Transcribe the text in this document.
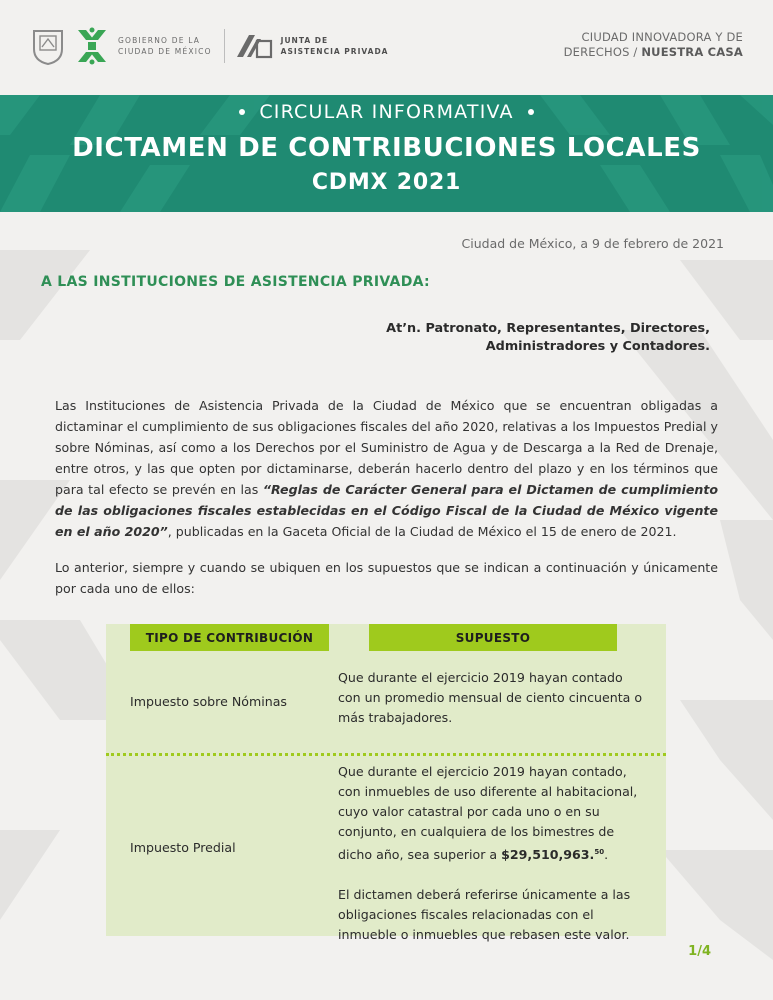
GOBIERNO DE LA
CIUDAD DE MÉXICO
JUNTA DE
ASISTENCIA PRIVADA
CIUDAD INNOVADORA Y DE
DERECHOS / NUESTRA CASA
CIRCULAR INFORMATIVA
DICTAMEN DE CONTRIBUCIONES LOCALES
CDMX 2021
Ciudad de México, a 9 de febrero de 2021
A LAS INSTITUCIONES DE ASISTENCIA PRIVADA:
At’n. Patronato, Representantes, Directores,
Administradores y Contadores.

Las Instituciones de Asistencia Privada de la Ciudad de México que se encuentran obligadas a dictaminar el cumplimiento de sus obligaciones fiscales del año 2020, relativas a los Impuestos Predial y sobre Nóminas, así como a los Derechos por el Suministro de Agua y de Descarga a la Red de Drenaje, entre otros, y las que opten por dictaminarse, deberán hacerlo dentro del plazo y en los términos que para tal efecto se prevén en las “Reglas de Carácter General para el Dictamen de cumplimiento de las obligaciones fiscales establecidas en el Código Fiscal de la Ciudad de México vigente en el año 2020”, publicadas en la Gaceta Oficial de la Ciudad de México el 15 de enero de 2021.

Lo anterior, siempre y cuando se ubiquen en los supuestos que se indican a continuación y únicamente por cada uno de ellos:

TIPO DE CONTRIBUCIÓN	SUPUESTO
Impuesto sobre Nóminas
Que durante el ejercicio 2019 hayan contado con un promedio mensual de ciento cincuenta o más trabajadores.
Impuesto Predial
Que durante el ejercicio 2019 hayan contado, con inmuebles de uso diferente al habitacional, cuyo valor catastral por cada uno o en su conjunto, en cualquiera de los bimestres de dicho año, sea superior a $29,510,963.50.
El dictamen deberá referirse únicamente a las obligaciones fiscales relacionadas con el inmueble o inmuebles que rebasen este valor.
1/4
